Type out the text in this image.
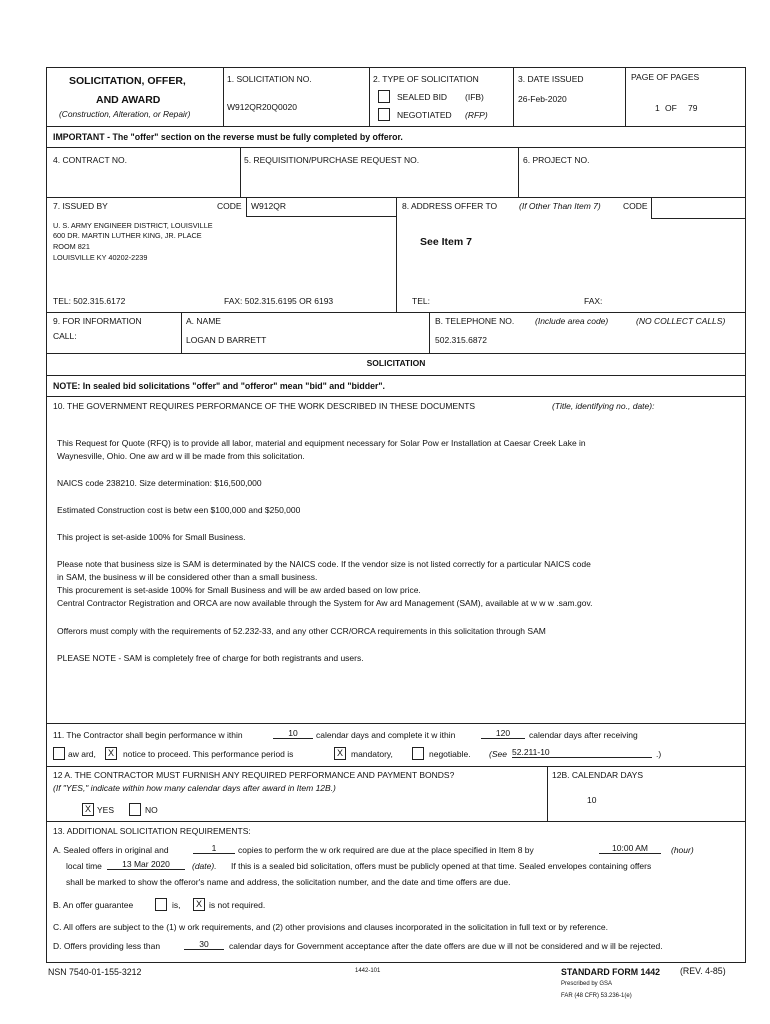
SOLICITATION, OFFER,
AND AWARD
(Construction, Alteration, or Repair)
1. SOLICITATION NO.
W912QR20Q0020
2. TYPE OF SOLICITATION
SEALED BID (IFB)
NEGOTIATED (RFP)
3. DATE ISSUED
26-Feb-2020
PAGE OF PAGES
1 OF 79
IMPORTANT - The "offer" section on the reverse must be fully completed by offeror.
4. CONTRACT NO.	5. REQUISITION/PURCHASE REQUEST NO.	6. PROJECT NO.
7. ISSUED BY	CODE W912QR	8. ADDRESS OFFER TO	(If Other Than Item 7)	CODE
U. S. ARMY ENGINEER DISTRICT, LOUISVILLE
600 DR. MARTIN LUTHER KING, JR. PLACE
ROOM 821
LOUISVILLE KY 40202-2239
See Item 7
TEL: 502.315.6172	FAX: 502.315.6195 OR 6193	TEL:	FAX:
9. FOR INFORMATION
CALL:
A. NAME
LOGAN D BARRETT
B. TELEPHONE NO. (Include area code)	(NO COLLECT CALLS)
502.315.6872
SOLICITATION
NOTE: In sealed bid solicitations "offer" and "offeror" mean "bid" and "bidder".
10. THE GOVERNMENT REQUIRES PERFORMANCE OF THE WORK DESCRIBED IN THESE DOCUMENTS	(Title, identifying no., date):
This Request for Quote (RFQ) is to provide all labor, material and equipment necessary for Solar Pow er Installation at Caesar Creek Lake in
Waynesville, Ohio. One aw ard w ill be made from this solicitation.
NAICS code 238210. Size determination: $16,500,000
Estimated Construction cost is betw een $100,000 and $250,000
This project is set-aside 100% for Small Business.
Please note that business size is SAM is determinated by the NAICS code. If the vendor size is not listed correctly for a particular NAICS code
in SAM, the business w ill be considered other than a small business.
This procurement is set-aside 100% for Small Business and will be aw arded based on low price.
Central Contractor Registration and ORCA are now available through the System for Aw ard Management (SAM), available at w w w .sam.gov.
Offerors must comply with the requirements of 52.232-33, and any other CCR/ORCA requirements in this solicitation through SAM
PLEASE NOTE - SAM is completely free of charge for both registrants and users.
11. The Contractor shall begin performance w ithin	10	calendar days and complete it w ithin	120	calendar days after receiving
aw ard,	X	notice to proceed. This performance period is	X mandatory,	negotiable. (See 52.211-10	.)
12 A. THE CONTRACTOR MUST FURNISH ANY REQUIRED PERFORMANCE AND PAYMENT BONDS?
(If "YES," indicate within how many calendar days after award in Item 12B.)
X YES	NO
12B. CALENDAR DAYS
10
13. ADDITIONAL SOLICITATION REQUIREMENTS:
A. Sealed offers in original and	1	copies to perform the w ork required are due at the place specified in Item 8 by	10:00 AM	(hour)
local time	13 Mar 2020	(date). If this is a sealed bid solicitation, offers must be publicly opened at that time. Sealed envelopes containing offers
shall be marked to show the offeror's name and address, the solicitation number, and the date and time offers are due.
B. An offer guarantee	is,	X is not required.
C. All offers are subject to the (1) w ork requirements, and (2) other provisions and clauses incorporated in the solicitation in full text or by reference.
D. Offers providing less than	30	calendar days for Government acceptance after the date offers are due w ill not be considered and w ill be rejected.
NSN 7540-01-155-3212	1442-101	STANDARD FORM 1442 (REV. 4-85)
Prescribed by GSA
FAR (48 CFR) 53.236-1(e)
